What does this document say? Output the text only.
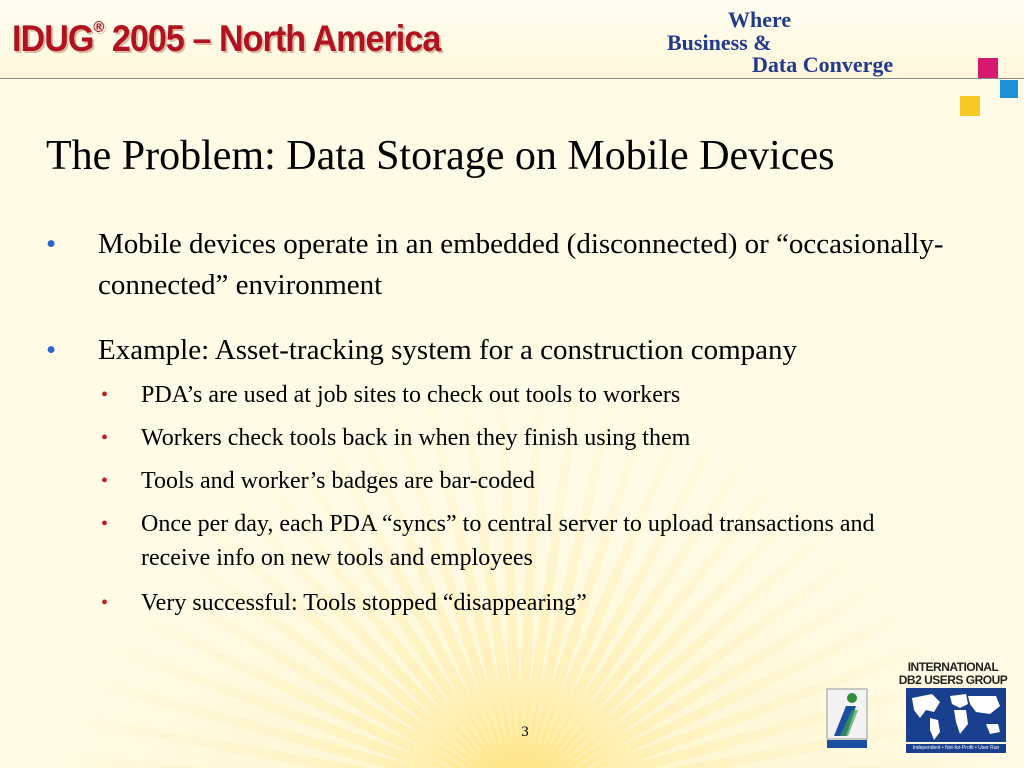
IDUG® 2005 – North America	Where
Business &
Data Converge
The Problem: Data Storage on Mobile Devices
• Mobile devices operate in an embedded (disconnected) or “occasionally-connected” environment
• Example: Asset-tracking system for a construction company
• PDA’s are used at job sites to check out tools to workers
• Workers check tools back in when they finish using them
• Tools and worker’s badges are bar-coded
• Once per day, each PDA “syncs” to central server to upload transactions and receive info on new tools and employees
• Very successful: Tools stopped “disappearing”
3
INTERNATIONAL
DB2 USERS GROUP
Independent • Not-for-Profit • User Run
